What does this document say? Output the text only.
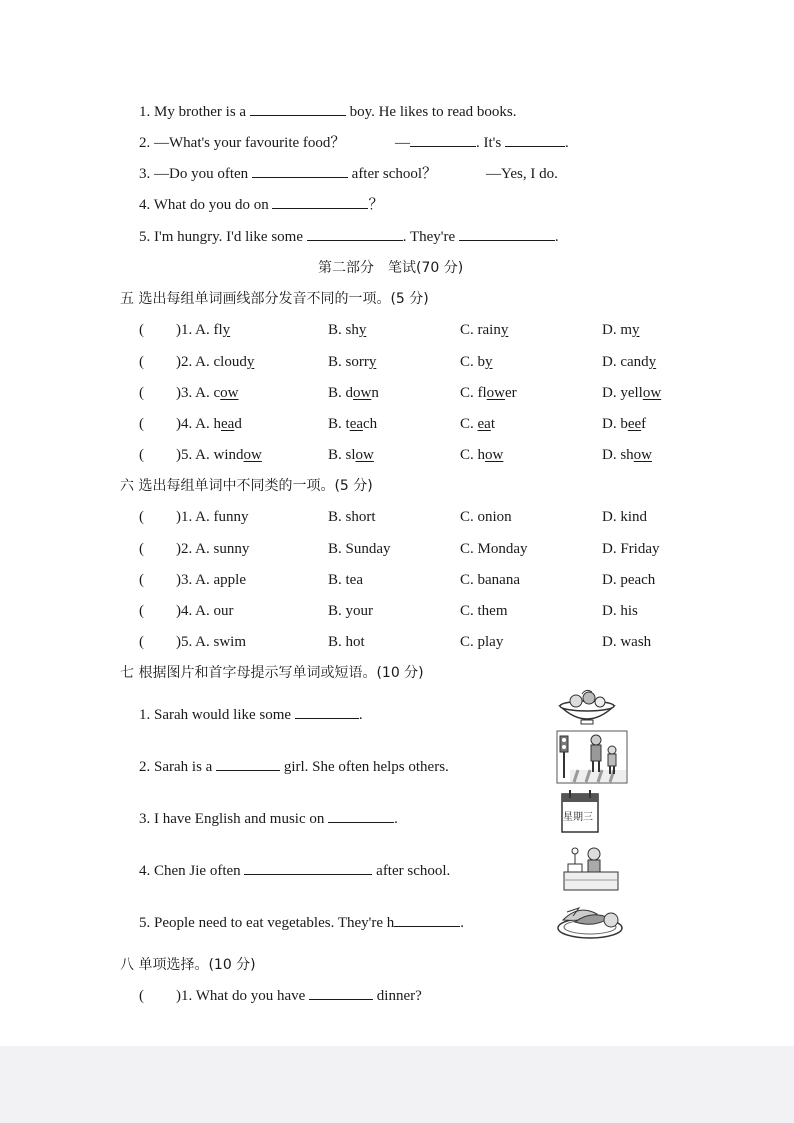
1. My brother is a	boy. He likes to read books.
2. —What's your favourite food？	—	. It's	.
3. —Do you often	after school？	—Yes, I do.
4. What do you do on	？
5. I'm hungry. I'd like some	. They're	.
第二部分　笔试(70 分)
五 选出每组单词画线部分发音不同的一项。(5 分)
( )1. A. fly	B. shy	C. rainy	D. my
( )2. A. cloudy	B. sorry	C. by	D. candy
( )3. A. cow	B. down	C. flower	D. yellow
( )4. A. head	B. teach	C. eat	D. beef
( )5. A. window	B. slow	C. how	D. show
六 选出每组单词中不同类的一项。(5 分)
( )1. A. funny	B. short	C. onion	D. kind
( )2. A. sunny	B. Sunday	C. Monday	D. Friday
( )3. A. apple	B. tea	C. banana	D. peach
( )4. A. our	B. your	C. them	D. his
( )5. A. swim	B. hot	C. play	D. wash
七 根据图片和首字母提示写单词或短语。(10 分)
1. Sarah would like some	.
2. Sarah is a	girl. She often helps others.
3. I have English and music on	.
4. Chen Jie often	after school.
5. People need to eat vegetables. They're h	.
星期三
八 单项选择。(10 分)
( )1. What do you have	dinner?
